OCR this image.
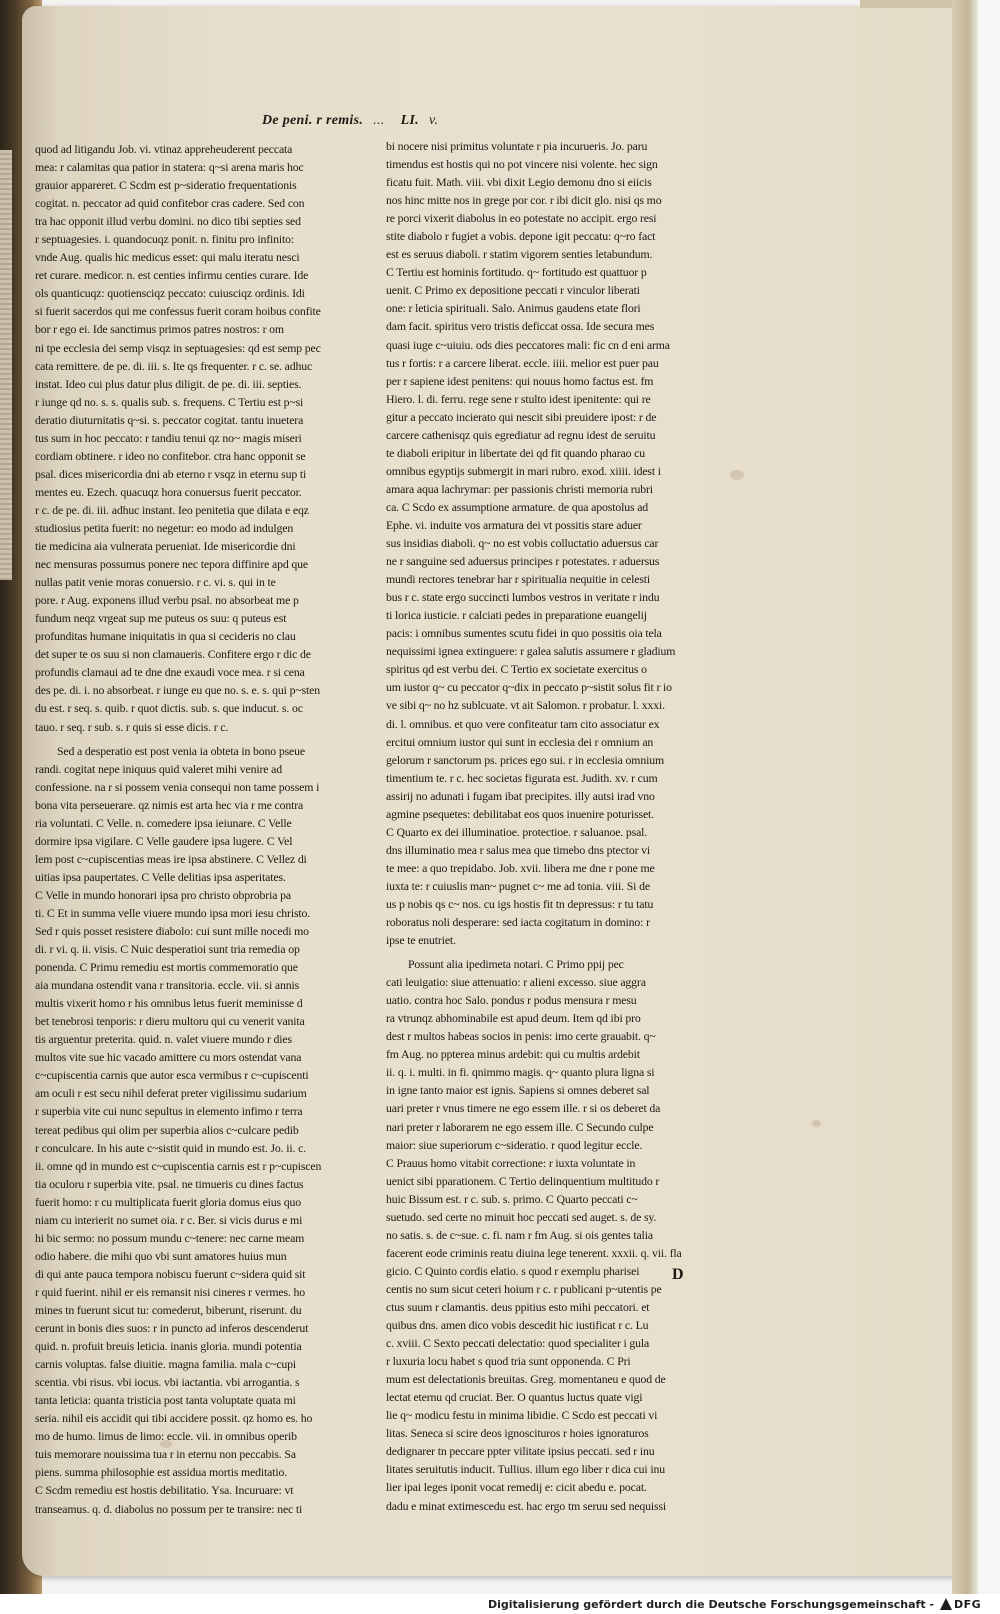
De peni. r remis. ... LI. v.

quod ad litigandu Job. vi. vtinaz appreheuderent peccata

mea: r calamitas qua patior in statera: q~si arena maris hoc

grauior appareret. C Scdm est p~sideratio frequentationis

cogitat. n. peccator ad quid confitebor cras cadere. Sed con

tra hac opponit illud verbu domini. no dico tibi septies sed

r septuagesies. i. quandocuqz ponit. n. finitu pro infinito:

vnde Aug. qualis hic medicus esset: qui malu iteratu nesci

ret curare. medicor. n. est centies infirmu centies curare. Ide

ols quanticuqz: quotiensciqz peccato: cuiusciqz ordinis. Idi

si fuerit sacerdos qui me confessus fuerit coram hoibus confite

bor r ego ei. Ide sanctimus primos patres nostros: r om

ni tpe ecclesia dei semp visqz in septuagesies: qd est semp pec

cata remittere. de pe. di. iii. s. Ite qs frequenter. r c. se. adhuc

instat. Ideo cui plus datur plus diligit. de pe. di. iii. septies.

r iunge qd no. s. s. qualis sub. s. frequens. C Tertiu est p~si

deratio diuturnitatis q~si. s. peccator cogitat. tantu inuetera

tus sum in hoc peccato: r tandiu tenui qz no~ magis miseri

cordiam obtinere. r ideo no confitebor. ctra hanc opponit se

psal. dices misericordia dni ab eterno r vsqz in eternu sup ti

mentes eu. Ezech. quacuqz hora conuersus fuerit peccator.

r c. de pe. di. iii. adhuc instant. Ieo penitetia que dilata e eqz

studiosius petita fuerit: no negetur: eo modo ad indulgen

tie medicina aia vulnerata perueniat. Ide misericordie dni

nec mensuras possumus ponere nec tepora diffinire apd que

nullas patit venie moras conuersio. r c. vi. s. qui in te

pore. r Aug. exponens illud verbu psal. no absorbeat me p

fundum neqz vrgeat sup me puteus os suu: q puteus est

profunditas humane iniquitatis in qua si cecideris no clau

det super te os suu si non clamaueris. Confitere ergo r dic de

profundis clamaui ad te dne dne exaudi voce mea. r si cena

des pe. di. i. no absorbeat. r iunge eu que no. s. e. s. qui p~sten

du est. r seq. s. quib. r quot dictis. sub. s. que inducut. s. oc

tauo. r seq. r sub. s. r quis si esse dicis. r c.

Sed a desperatio est post venia ia obteta in bono pseue

randi. cogitat nepe iniquus quid valeret mihi venire ad

confessione. na r si possem venia consequi non tame possem i

bona vita perseuerare. qz nimis est arta hec via r me contra

ria voluntati. C Velle. n. comedere ipsa ieiunare. C Velle

dormire ipsa vigilare. C Velle gaudere ipsa lugere. C Vel

lem post c~cupiscentias meas ire ipsa abstinere. C Vellez di

uitias ipsa paupertates. C Velle delitias ipsa asperitates.

C Velle in mundo honorari ipsa pro christo obprobria pa

ti. C Et in summa velle viuere mundo ipsa mori iesu christo.

Sed r quis posset resistere diabolo: cui sunt mille nocedi mo

di. r vi. q. ii. visis. C Nuic desperatioi sunt tria remedia op

ponenda. C Primu remediu est mortis commemoratio que

aia mundana ostendit vana r transitoria. eccle. vii. si annis

multis vixerit homo r his omnibus letus fuerit meminisse d

bet tenebrosi tenporis: r dieru multoru qui cu venerit vanita

tis arguentur preterita. quid. n. valet viuere mundo r dies

multos vite sue hic vacado amittere cu mors ostendat vana

c~cupiscentia carnis que autor esca vermibus r c~cupiscenti

am oculi r est secu nihil deferat preter vigilissimu sudarium

r superbia vite cui nunc sepultus in elemento infimo r terra

tereat pedibus qui olim per superbia alios c~culcare pedib

r conculcare. In his aute c~sistit quid in mundo est. Jo. ii. c.

ii. omne qd in mundo est c~cupiscentia carnis est r p~cupiscen

tia oculoru r superbia vite. psal. ne timueris cu dines factus

fuerit homo: r cu multiplicata fuerit gloria domus eius quo

niam cu interierit no sumet oia. r c. Ber. si vicis durus e mi

hi bic sermo: no possum mundu c~tenere: nec carne meam

odio habere. die mihi quo vbi sunt amatores huius mun

di qui ante pauca tempora nobiscu fuerunt c~sidera quid sit

r quid fuerint. nihil er eis remansit nisi cineres r vermes. ho

mines tn fuerunt sicut tu: comederut, biberunt, riserunt. du

cerunt in bonis dies suos: r in puncto ad inferos descenderut

quid. n. profuit breuis leticia. inanis gloria. mundi potentia

carnis voluptas. false diuitie. magna familia. mala c~cupi

scentia. vbi risus. vbi iocus. vbi iactantia. vbi arrogantia. s

tanta leticia: quanta tristicia post tanta voluptate quata mi

seria. nihil eis accidit qui tibi accidere possit. qz homo es. ho

mo de humo. limus de limo: eccle. vii. in omnibus operib

tuis memorare nouissima tua r in eternu non peccabis. Sa

piens. summa philosophie est assidua mortis meditatio.

C Scdm remediu est hostis debilitatio. Ysa. Incuruare: vt

transeamus. q. d. diabolus no possum per te transire: nec ti

bi nocere nisi primitus voluntate r pia incurueris. Jo. paru

timendus est hostis qui no pot vincere nisi volente. hec sign

ficatu fuit. Math. viii. vbi dixit Legio demonu dno si eiicis

nos hinc mitte nos in grege por cor. r ibi dicit glo. nisi qs mo

re porci vixerit diabolus in eo potestate no accipit. ergo resi

stite diabolo r fugiet a vobis. depone igit peccatu: q~ro fact

est es seruus diaboli. r statim vigorem senties letabundum.

C Tertiu est hominis fortitudo. q~ fortitudo est quattuor p

uenit. C Primo ex depositione peccati r vinculor liberati

one: r leticia spirituali. Salo. Animus gaudens etate flori

dam facit. spiritus vero tristis deficcat ossa. Ide secura mes

quasi iuge c~uiuiu. ods dies peccatores mali: fic cn d eni arma

tus r fortis: r a carcere liberat. eccle. iiii. melior est puer pau

per r sapiene idest penitens: qui nouus homo factus est. fm

Hiero. l. di. ferru. rege sene r stulto idest ipenitente: qui re

gitur a peccato incierato qui nescit sibi preuidere ipost: r de

carcere cathenisqz quis egrediatur ad regnu idest de seruitu

te diaboli eripitur in libertate dei qd fit quando pharao cu

omnibus egyptijs submergit in mari rubro. exod. xiiii. idest i

amara aqua lachrymar: per passionis christi memoria rubri

ca. C Scdo ex assumptione armature. de qua apostolus ad

Ephe. vi. induite vos armatura dei vt possitis stare aduer

sus insidias diaboli. q~ no est vobis colluctatio aduersus car

ne r sanguine sed aduersus principes r potestates. r aduersus

mundi rectores tenebrar har r spiritualia nequitie in celesti

bus r c. state ergo succincti lumbos vestros in veritate r indu

ti lorica iusticie. r calciati pedes in preparatione euangelij

pacis: i omnibus sumentes scutu fidei in quo possitis oia tela

nequissimi ignea extinguere: r galea salutis assumere r gladium

spiritus qd est verbu dei. C Tertio ex societate exercitus o

um iustor q~ cu peccator q~dix in peccato p~sistit solus fit r io

ve sibi q~ no hz sublcuate. vt ait Salomon. r probatur. l. xxxi.

di. l. omnibus. et quo vere confiteatur tam cito associatur ex

ercitui omnium iustor qui sunt in ecclesia dei r omnium an

gelorum r sanctorum ps. prices ego sui. r in ecclesia omnium

timentium te. r c. hec societas figurata est. Judith. xv. r cum

assirij no adunati i fugam ibat precipites. illy autsi irad vno

agmine psequetes: debilitabat eos quos inuenire poturisset.

C Quarto ex dei illuminatioe. protectioe. r saluanoe. psal.

dns illuminatio mea r salus mea que timebo dns ptector vi

te mee: a quo trepidabo. Job. xvii. libera me dne r pone me

iuxta te: r cuiuslis man~ pugnet c~ me ad tonia. viii. Si de

us p nobis qs c~ nos. cu igs hostis fit tn depressus: r tu tatu

roboratus noli desperare: sed iacta cogitatum in domino: r

ipse te enutriet.

Possunt alia ipedimeta notari. C Primo ppij pec

cati leuigatio: siue attenuatio: r alieni excesso. siue aggra

uatio. contra hoc Salo. pondus r podus mensura r mesu

ra vtrunqz abhominabile est apud deum. Item qd ibi pro

dest r multos habeas socios in penis: imo certe grauabit. q~

fm Aug. no ppterea minus ardebit: qui cu multis ardebit

ii. q. i. multi. in fi. qnimmo magis. q~ quanto plura ligna si

in igne tanto maior est ignis. Sapiens si omnes deberet sal

uari preter r vnus timere ne ego essem ille. r si os deberet da

nari preter r laborarem ne ego essem ille. C Secundo culpe

maior: siue superiorum c~sideratio. r quod legitur eccle.

C Prauus homo vitabit correctione: r iuxta voluntate in

uenict sibi pparationem. C Tertio delinquentium multitudo r

huic Bissum est. r c. sub. s. primo. C Quarto peccati c~

suetudo. sed certe no minuit hoc peccati sed auget. s. de sy.

no satis. s. de c~sue. c. fi. nam r fm Aug. si ois gentes talia

facerent eode criminis reatu diuina lege tenerent. xxxii. q. vii. fla

gicio. C Quinto cordis elatio. s quod r exemplu pharisei

centis no sum sicut ceteri hoium r c. r publicani p~utentis pe

ctus suum r clamantis. deus ppitius esto mihi peccatori. et

quibus dns. amen dico vobis descedit hic iustificat r c. Lu

c. xviii. C Sexto peccati delectatio: quod specialiter i gula

r luxuria locu habet s quod tria sunt opponenda. C Pri

mum est delectationis breuitas. Greg. momentaneu e quod de

lectat eternu qd cruciat. Ber. O quantus luctus quate vigi

lie q~ modicu festu in minima libidie. C Scdo est peccati vi

litas. Seneca si scire deos ignoscituros r hoies ignoraturos

dedignarer tn peccare ppter vilitate ipsius peccati. sed r inu

litates seruitutis inducit. Tullius. illum ego liber r dica cui inu

lier ipai leges iponit vocat remedij e: cicit abedu e. pocat.

dadu e minat extimescedu est. hac ergo tm seruu sed nequissi

D
Digitalisierung gefördert durch die Deutsche Forschungsgemeinschaft - DFG
